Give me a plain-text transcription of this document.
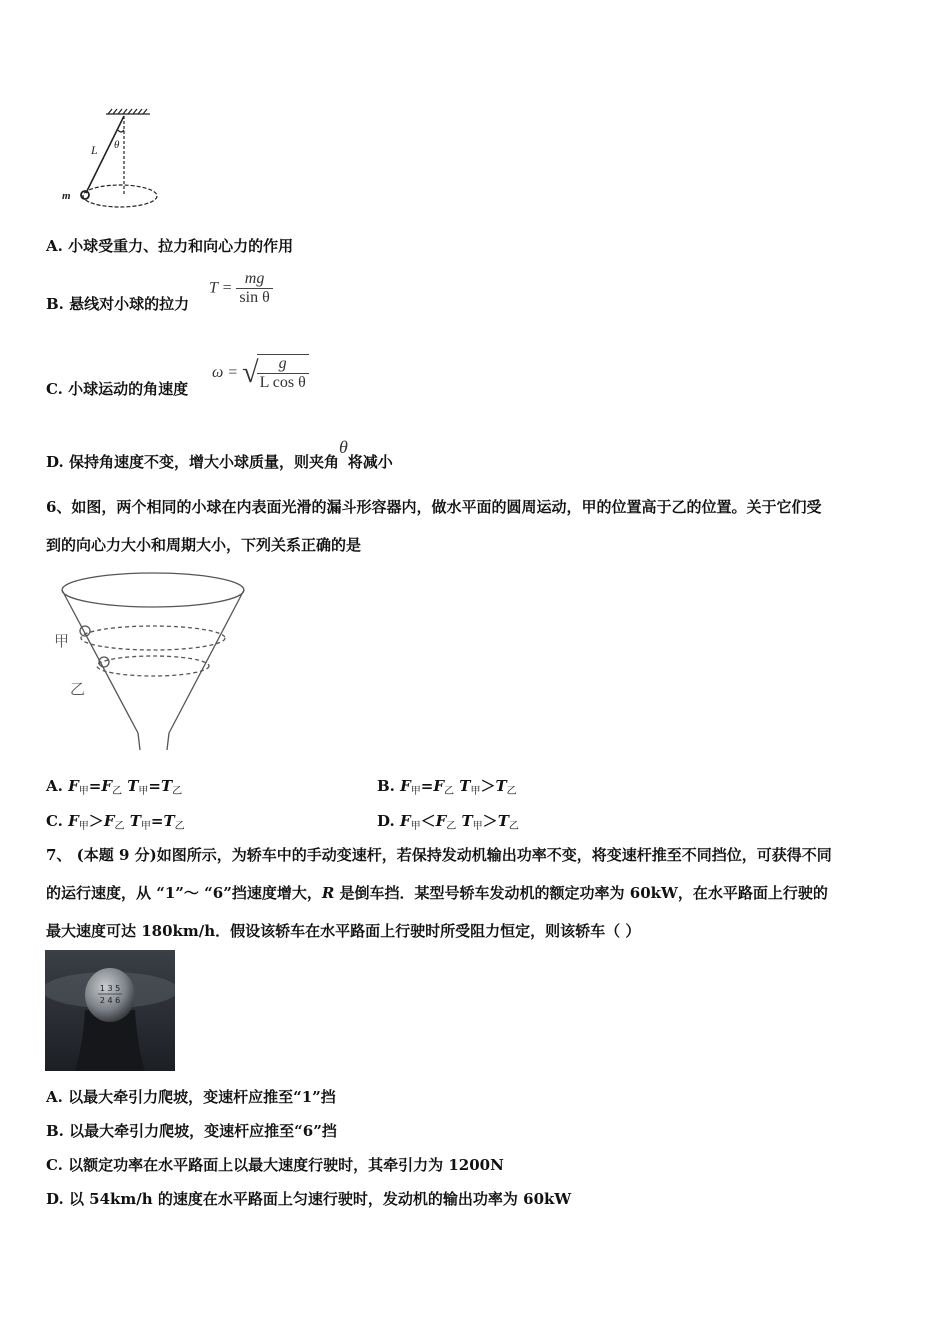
L θ
m
A. 小球受重力、拉力和向心力的作用
B. 悬线对小球的拉力
$T = \frac{mg}{\text{sin θ}}$
C. 小球运动的角速度
ω = √
$\frac{g}{\text{L cos θ}}$
D. 保持角速度不变，增大小球质量，则夹角θ将减小
6、如图，两个相同的小球在内表面光滑的漏斗形容器内，做水平面的圆周运动，甲的位置高于乙的位置。关于它们受
到的向心力大小和周期大小，下列关系正确的是
甲
乙
A. $F_甲=F_乙$ $T_甲=T_乙$	B. $F_甲=F_乙$ $T_甲>T_乙$
C. $F_甲>F_乙$ $T_甲=T_乙$	D. $F_甲<F_乙$ $T_甲>T_乙$
7、 (本题 9 分)如图所示，为轿车中的手动变速杆，若保持发动机输出功率不变，将变速杆推至不同挡位，可获得不同
的运行速度，从 “1”～ “6”挡速度增大，R 是倒车挡．某型号轿车发动机的额定功率为 60kW，在水平路面上行驶的
最大速度可达 180km/h．假设该轿车在水平路面上行驶时所受阻力恒定，则该轿车（ ）
1 3 5
2 4 6
A. 以最大牵引力爬坡，变速杆应推至“1”挡
B. 以最大牵引力爬坡，变速杆应推至“6”挡
C. 以额定功率在水平路面上以最大速度行驶时，其牵引力为 1200N
D. 以 54km/h 的速度在水平路面上匀速行驶时，发动机的输出功率为 60kW
